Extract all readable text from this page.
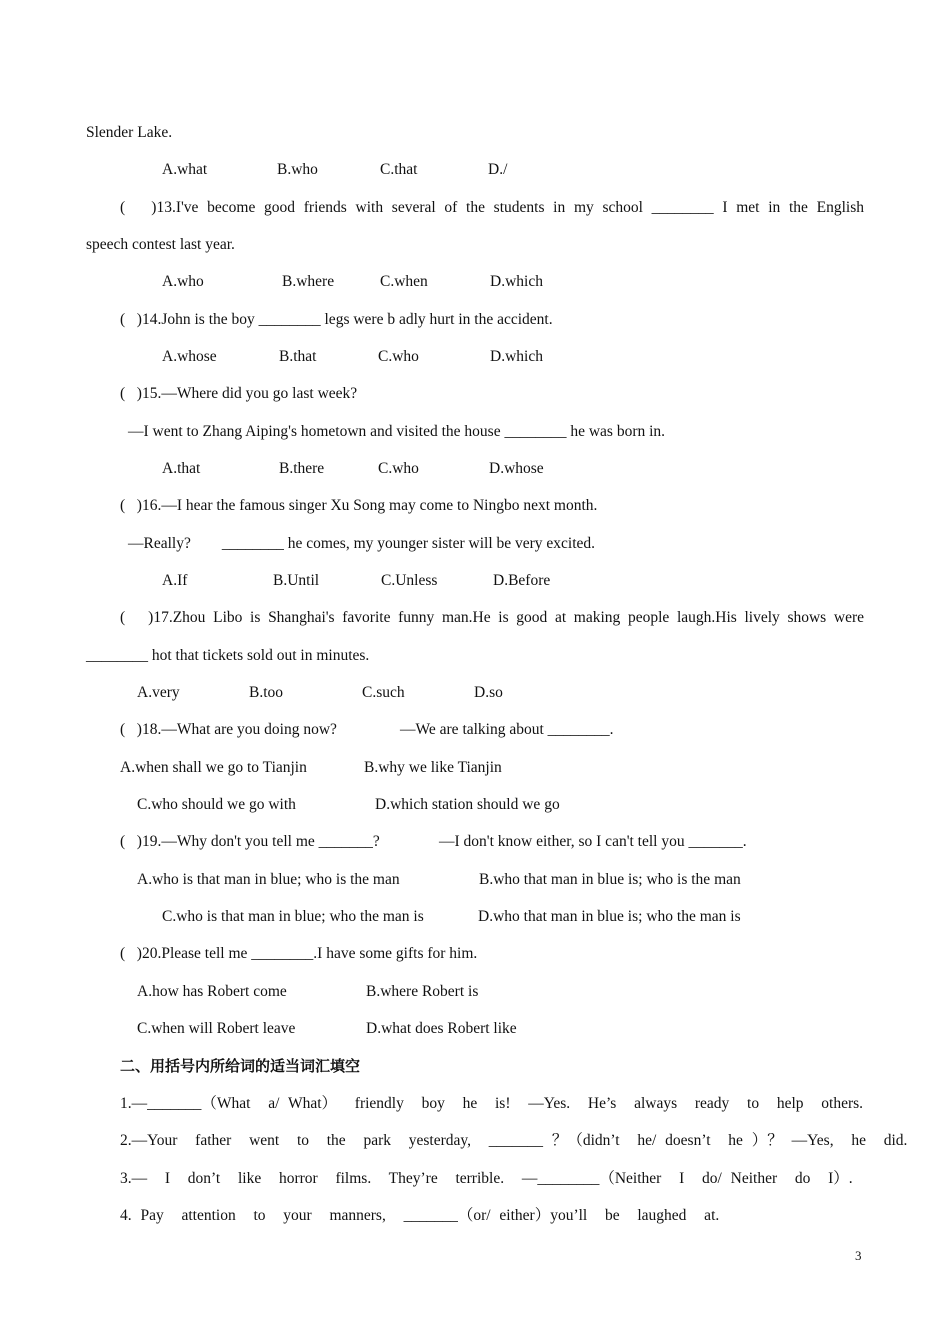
Slender Lake.
A.what	B.who	C.that	D./
(   )13.I've become good friends with several of the students in my school ________ I met in the English
speech contest last year.
A.who	B.where	C.when	D.which
(   )14.John is the boy ________ legs were b adly hurt in the accident.
A.whose	B.that	C.who	D.which
(   )15.—Where did you go last week?
—I went to Zhang Aiping's hometown and visited the house ________ he was born in.
A.that	B.there	C.who	D.whose
(   )16.—I hear the famous singer Xu Song may come to Ningbo next month.
—Really?        ________ he comes, my younger sister will be very excited.
A.If	B.Until	C.Unless	D.Before
(   )17.Zhou Libo is Shanghai's favorite funny man.He is good at making people laugh.His lively shows were
________ hot that tickets sold out in minutes.
A.very	B.too	C.such	D.so
(   )18.—What are you doing now?	—We are talking about ________.
A.when shall we go to Tianjin	B.why we like Tianjin
C.who should we go with	D.which station should we go
(   )19.—Why don't you tell me _______?	—I don't know either, so I can't tell you _______.
A.who is that man in blue; who is the man	B.who that man in blue is; who is the man
C.who is that man in blue; who the man is	D.who that man in blue is; who the man is
(   )20.Please tell me ________.I have some gifts for him.
A.how has Robert come	B.where Robert is
C.when will Robert leave	D.what does Robert like
二、用括号内所给词的适当词汇填空
1.—_______（What  a/ What）  friendly  boy  he  is!  —Yes.  He’s  always  ready  to  help  others.
2.—Your  father  went  to  the  park  yesterday,  _______ ？（didn’t  he/ doesn’t  he ）？ —Yes,  he  did.
3.—  I  don’t  like  horror  films.  They’re  terrible.  —________（Neither  I  do/ Neither  do  I）.
4. Pay  attention  to  your  manners,  _______（or/ either）you’ll  be  laughed  at.
3
